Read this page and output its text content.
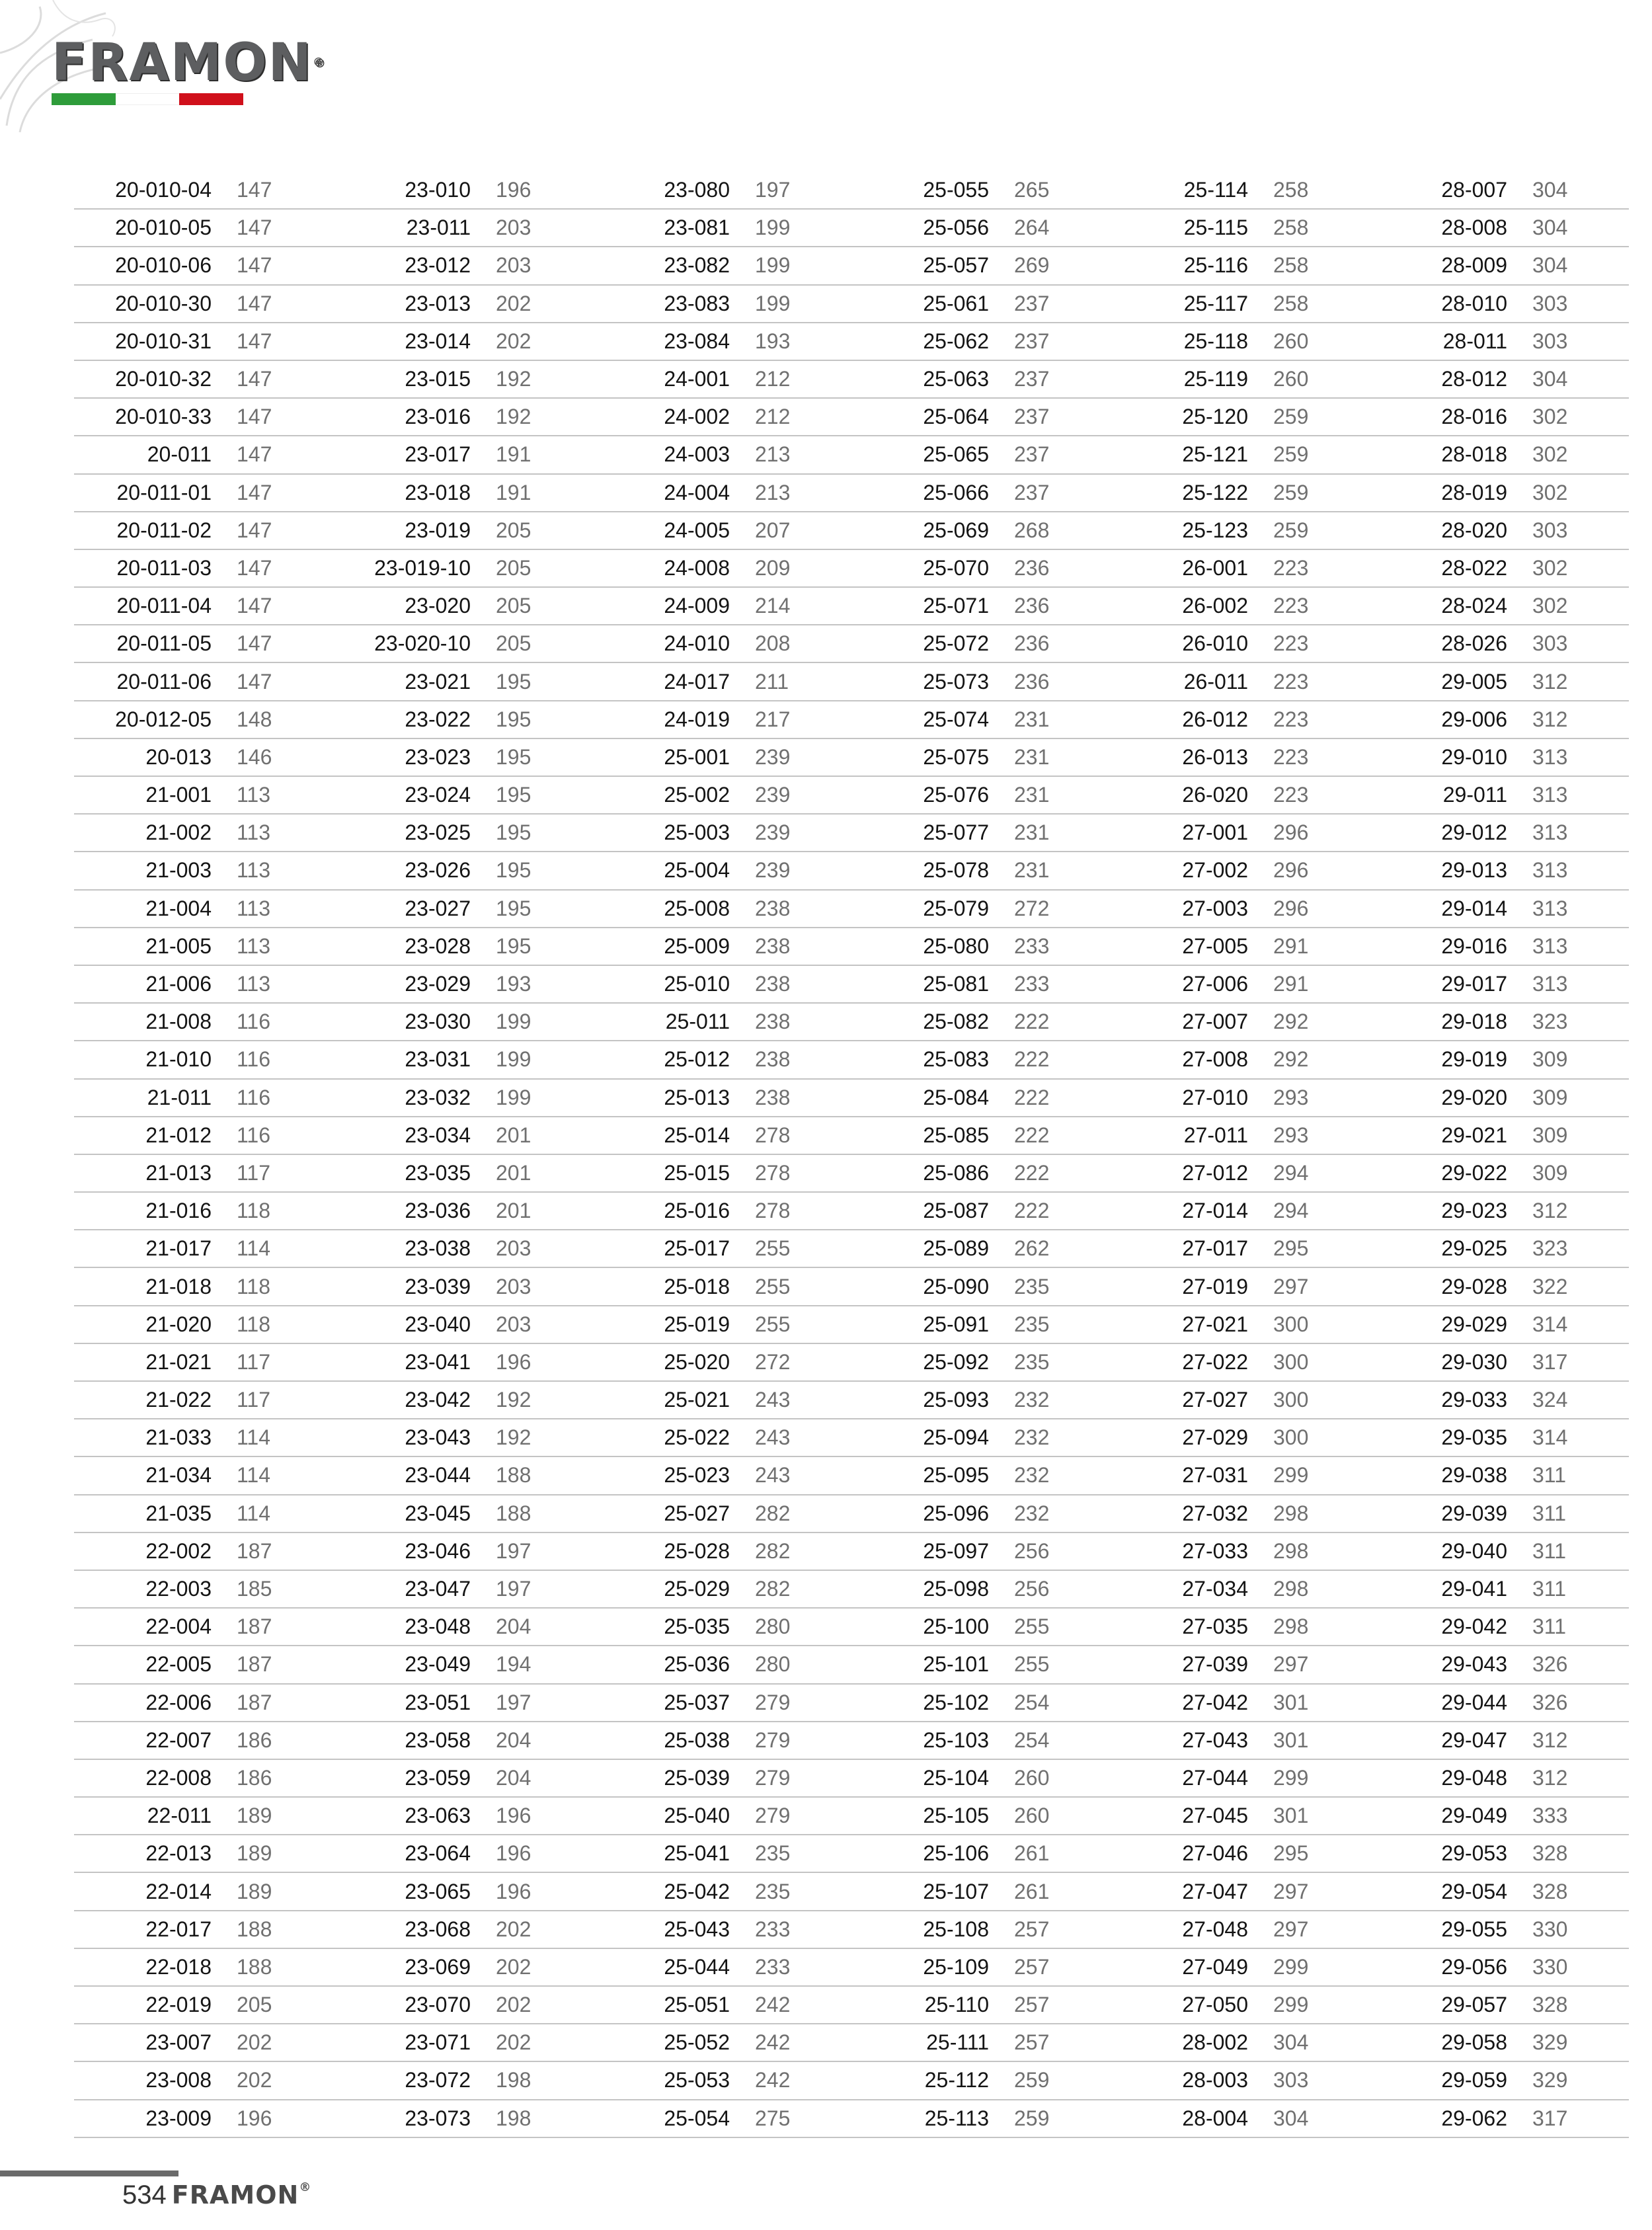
FRAMON®
20-010-04 147
20-010-05 147
20-010-06 147
20-010-30 147
20-010-31 147
20-010-32 147
20-010-33 147
20-011 147
20-011-01 147
20-011-02 147
20-011-03 147
20-011-04 147
20-011-05 147
20-011-06 147
20-012-05 148
20-013 146
21-001 113
21-002 113
21-003 113
21-004 113
21-005 113
21-006 113
21-008 116
21-010 116
21-011 116
21-012 116
21-013 117
21-016 118
21-017 114
21-018 118
21-020 118
21-021 117
21-022 117
21-033 114
21-034 114
21-035 114
22-002 187
22-003 185
22-004 187
22-005 187
22-006 187
22-007 186
22-008 186
22-011 189
22-013 189
22-014 189
22-017 188
22-018 188
22-019 205
23-007 202
23-008 202
23-009 196
23-010 196
23-011 203
23-012 203
23-013 202
23-014 202
23-015 192
23-016 192
23-017 191
23-018 191
23-019 205
23-019-10 205
23-020 205
23-020-10 205
23-021 195
23-022 195
23-023 195
23-024 195
23-025 195
23-026 195
23-027 195
23-028 195
23-029 193
23-030 199
23-031 199
23-032 199
23-034 201
23-035 201
23-036 201
23-038 203
23-039 203
23-040 203
23-041 196
23-042 192
23-043 192
23-044 188
23-045 188
23-046 197
23-047 197
23-048 204
23-049 194
23-051 197
23-058 204
23-059 204
23-063 196
23-064 196
23-065 196
23-068 202
23-069 202
23-070 202
23-071 202
23-072 198
23-073 198
23-080 197
23-081 199
23-082 199
23-083 199
23-084 193
24-001 212
24-002 212
24-003 213
24-004 213
24-005 207
24-008 209
24-009 214
24-010 208
24-017 211
24-019 217
25-001 239
25-002 239
25-003 239
25-004 239
25-008 238
25-009 238
25-010 238
25-011 238
25-012 238
25-013 238
25-014 278
25-015 278
25-016 278
25-017 255
25-018 255
25-019 255
25-020 272
25-021 243
25-022 243
25-023 243
25-027 282
25-028 282
25-029 282
25-035 280
25-036 280
25-037 279
25-038 279
25-039 279
25-040 279
25-041 235
25-042 235
25-043 233
25-044 233
25-051 242
25-052 242
25-053 242
25-054 275
25-055 265
25-056 264
25-057 269
25-061 237
25-062 237
25-063 237
25-064 237
25-065 237
25-066 237
25-069 268
25-070 236
25-071 236
25-072 236
25-073 236
25-074 231
25-075 231
25-076 231
25-077 231
25-078 231
25-079 272
25-080 233
25-081 233
25-082 222
25-083 222
25-084 222
25-085 222
25-086 222
25-087 222
25-089 262
25-090 235
25-091 235
25-092 235
25-093 232
25-094 232
25-095 232
25-096 232
25-097 256
25-098 256
25-100 255
25-101 255
25-102 254
25-103 254
25-104 260
25-105 260
25-106 261
25-107 261
25-108 257
25-109 257
25-110 257
25-111 257
25-112 259
25-113 259
25-114 258
25-115 258
25-116 258
25-117 258
25-118 260
25-119 260
25-120 259
25-121 259
25-122 259
25-123 259
26-001 223
26-002 223
26-010 223
26-011 223
26-012 223
26-013 223
26-020 223
27-001 296
27-002 296
27-003 296
27-005 291
27-006 291
27-007 292
27-008 292
27-010 293
27-011 293
27-012 294
27-014 294
27-017 295
27-019 297
27-021 300
27-022 300
27-027 300
27-029 300
27-031 299
27-032 298
27-033 298
27-034 298
27-035 298
27-039 297
27-042 301
27-043 301
27-044 299
27-045 301
27-046 295
27-047 297
27-048 297
27-049 299
27-050 299
28-002 304
28-003 303
28-004 304
28-007 304
28-008 304
28-009 304
28-010 303
28-011 303
28-012 304
28-016 302
28-018 302
28-019 302
28-020 303
28-022 302
28-024 302
28-026 303
29-005 312
29-006 312
29-010 313
29-011 313
29-012 313
29-013 313
29-014 313
29-016 313
29-017 313
29-018 323
29-019 309
29-020 309
29-021 309
29-022 309
29-023 312
29-025 323
29-028 322
29-029 314
29-030 317
29-033 324
29-035 314
29-038 311
29-039 311
29-040 311
29-041 311
29-042 311
29-043 326
29-044 326
29-047 312
29-048 312
29-049 333
29-053 328
29-054 328
29-055 330
29-056 330
29-057 328
29-058 329
29-059 329
29-062 317
534 FRAMON®
